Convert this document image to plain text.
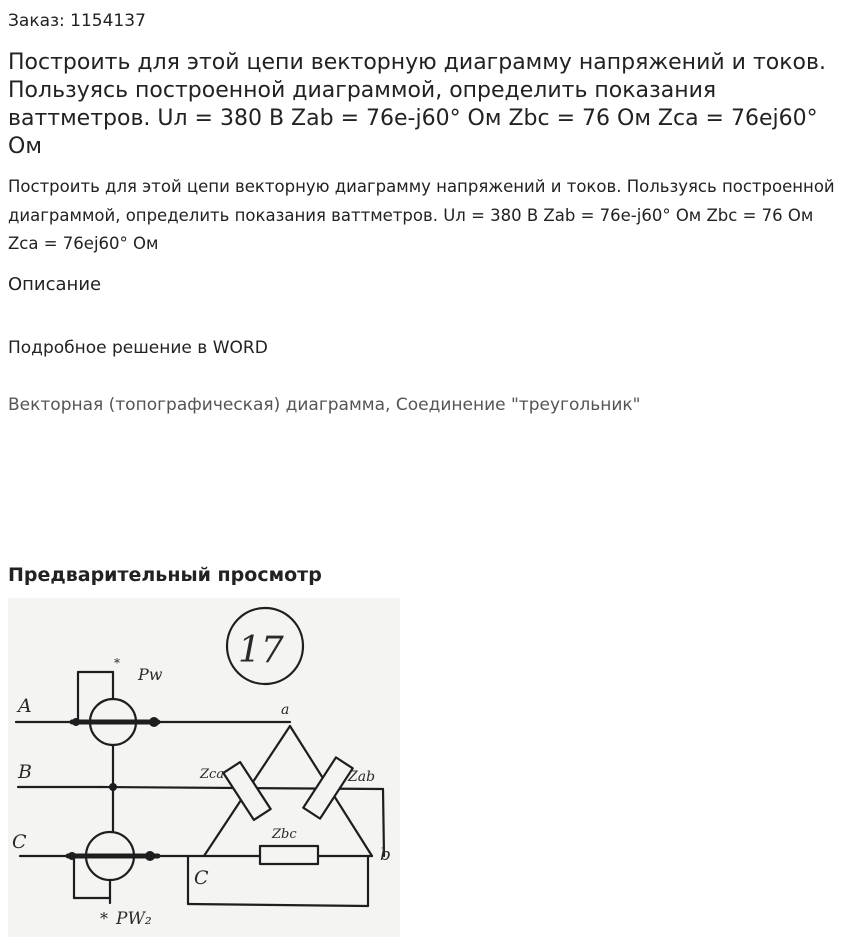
Заказ: 1154137
Построить для этой цепи векторную диаграмму напряжений и токов. Пользуясь построенной диаграммой, определить показания ваттметров. Uл = 380 В Zab = 76e-j60° Ом Zbc = 76 Ом Zca = 76ej60° Ом
Построить для этой цепи векторную диаграмму напряжений и токов. Пользуясь построенной диаграммой, определить показания ваттметров. Uл = 380 В Zab = 76e-j60° Ом Zbc = 76 Ом Zca = 76ej60° Ом
Описание
Подробное решение в WORD
Векторная (топографическая) диаграмма, Соединение "треугольник"
Предварительный просмотр
17
Pw
*
A
B
C
a
b
C
Zca	Zab
Zbc
* PW₂
